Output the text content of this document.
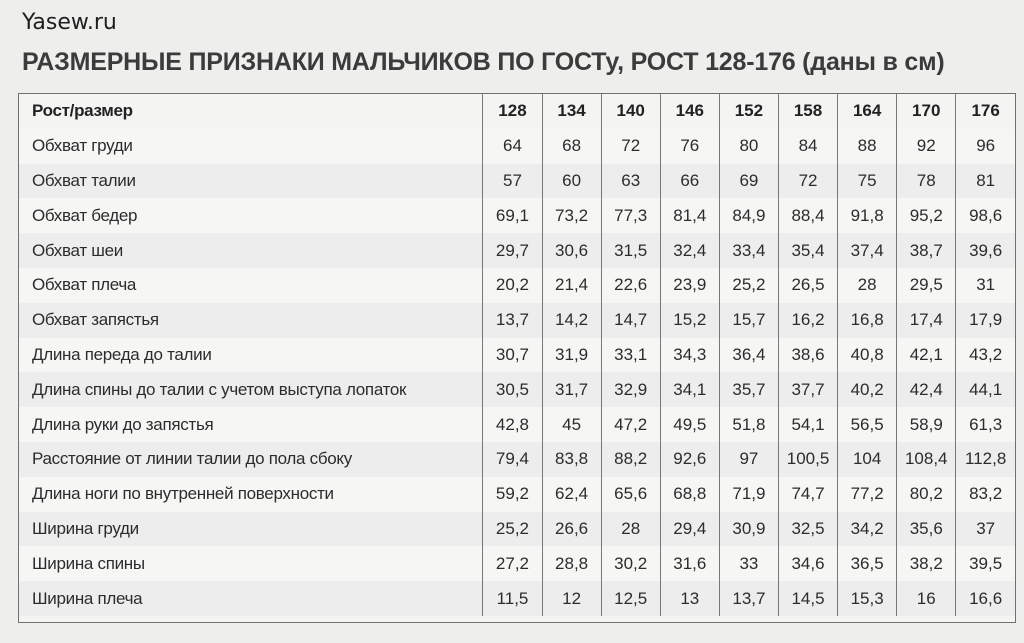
Yasew.ru
РАЗМЕРНЫЕ ПРИЗНАКИ МАЛЬЧИКОВ ПО ГОСТу, РОСТ 128-176 (даны в см)
Рост/размер	128	134	140	146	152	158	164	170	176
Обхват груди	64	68	72	76	80	84	88	92	96
Обхват талии	57	60	63	66	69	72	75	78	81
Обхват бедер	69,1	73,2	77,3	81,4	84,9	88,4	91,8	95,2	98,6
Обхват шеи	29,7	30,6	31,5	32,4	33,4	35,4	37,4	38,7	39,6
Обхват плеча	20,2	21,4	22,6	23,9	25,2	26,5	28	29,5	31
Обхват запястья	13,7	14,2	14,7	15,2	15,7	16,2	16,8	17,4	17,9
Длина переда до талии	30,7	31,9	33,1	34,3	36,4	38,6	40,8	42,1	43,2
Длина спины до талии с учетом выступа лопаток	30,5	31,7	32,9	34,1	35,7	37,7	40,2	42,4	44,1
Длина руки до запястья	42,8	45	47,2	49,5	51,8	54,1	56,5	58,9	61,3
Расстояние от линии талии до пола сбоку	79,4	83,8	88,2	92,6	97	100,5	104	108,4	112,8
Длина ноги по внутренней поверхности	59,2	62,4	65,6	68,8	71,9	74,7	77,2	80,2	83,2
Ширина груди	25,2	26,6	28	29,4	30,9	32,5	34,2	35,6	37
Ширина спины	27,2	28,8	30,2	31,6	33	34,6	36,5	38,2	39,5
Ширина плеча	11,5	12	12,5	13	13,7	14,5	15,3	16	16,6
